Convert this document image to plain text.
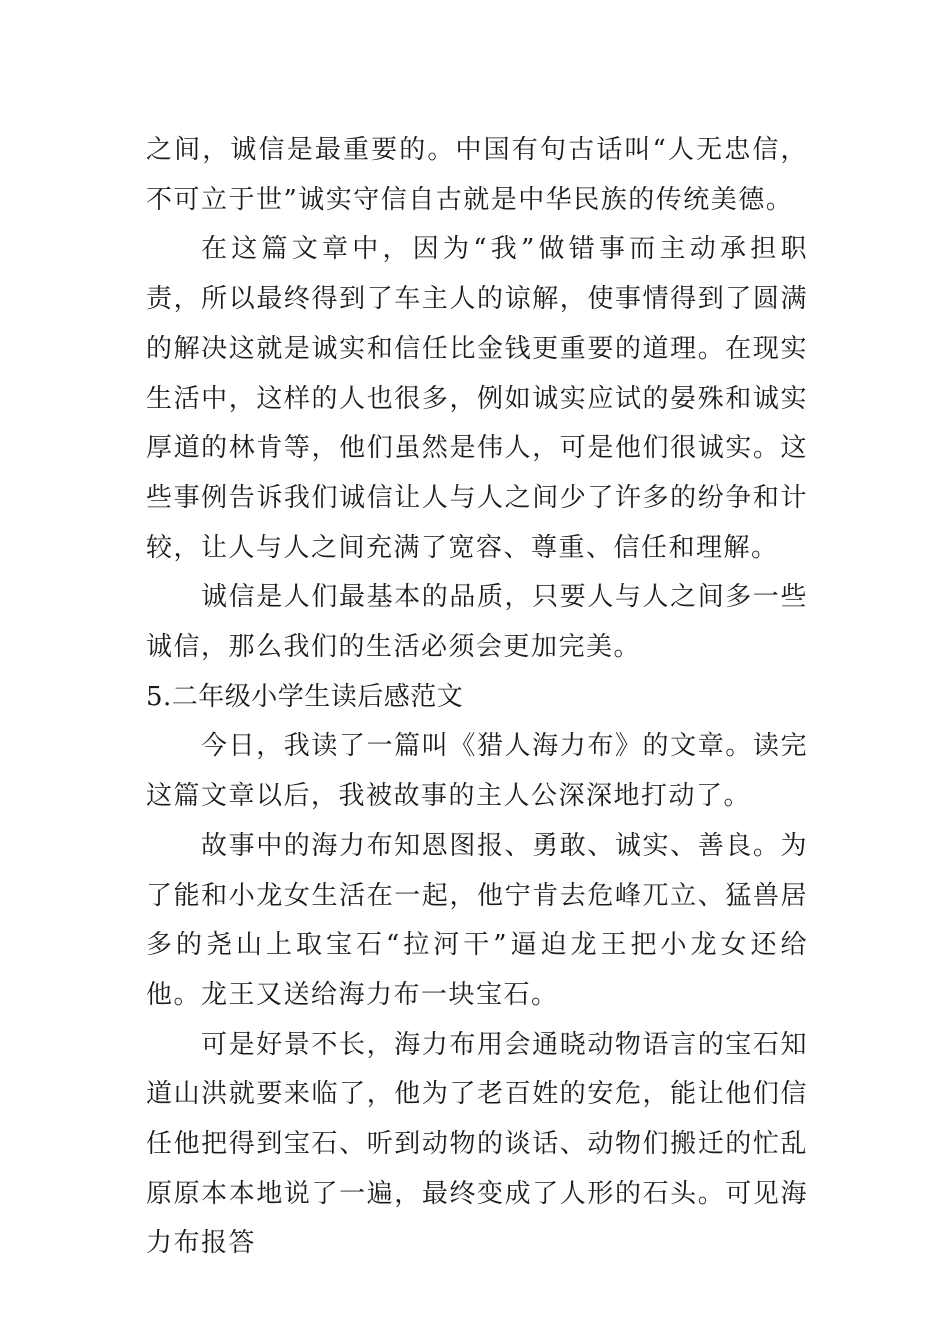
之间，诚信是最重要的。中国有句古话叫“人无忠信，不可立于世”诚实守信自古就是中华民族的传统美德。

在这篇文章中，因为“我”做错事而主动承担职责，所以最终得到了车主人的谅解，使事情得到了圆满的解决这就是诚实和信任比金钱更重要的道理。在现实生活中，这样的人也很多，例如诚实应试的晏殊和诚实厚道的林肯等，他们虽然是伟人，可是他们很诚实。这些事例告诉我们诚信让人与人之间少了许多的纷争和计较，让人与人之间充满了宽容、尊重、信任和理解。

诚信是人们最基本的品质，只要人与人之间多一些诚信，那么我们的生活必须会更加完美。

5.二年级小学生读后感范文

今日，我读了一篇叫《猎人海力布》的文章。读完这篇文章以后，我被故事的主人公深深地打动了。

故事中的海力布知恩图报、勇敢、诚实、善良。为了能和小龙女生活在一起，他宁肯去危峰兀立、猛兽居多的尧山上取宝石“拉河干”逼迫龙王把小龙女还给他。龙王又送给海力布一块宝石。

可是好景不长，海力布用会通晓动物语言的宝石知道山洪就要来临了，他为了老百姓的安危，能让他们信任他把得到宝石、听到动物的谈话、动物们搬迁的忙乱原原本本地说了一遍，最终变成了人形的石头。可见海力布报答
